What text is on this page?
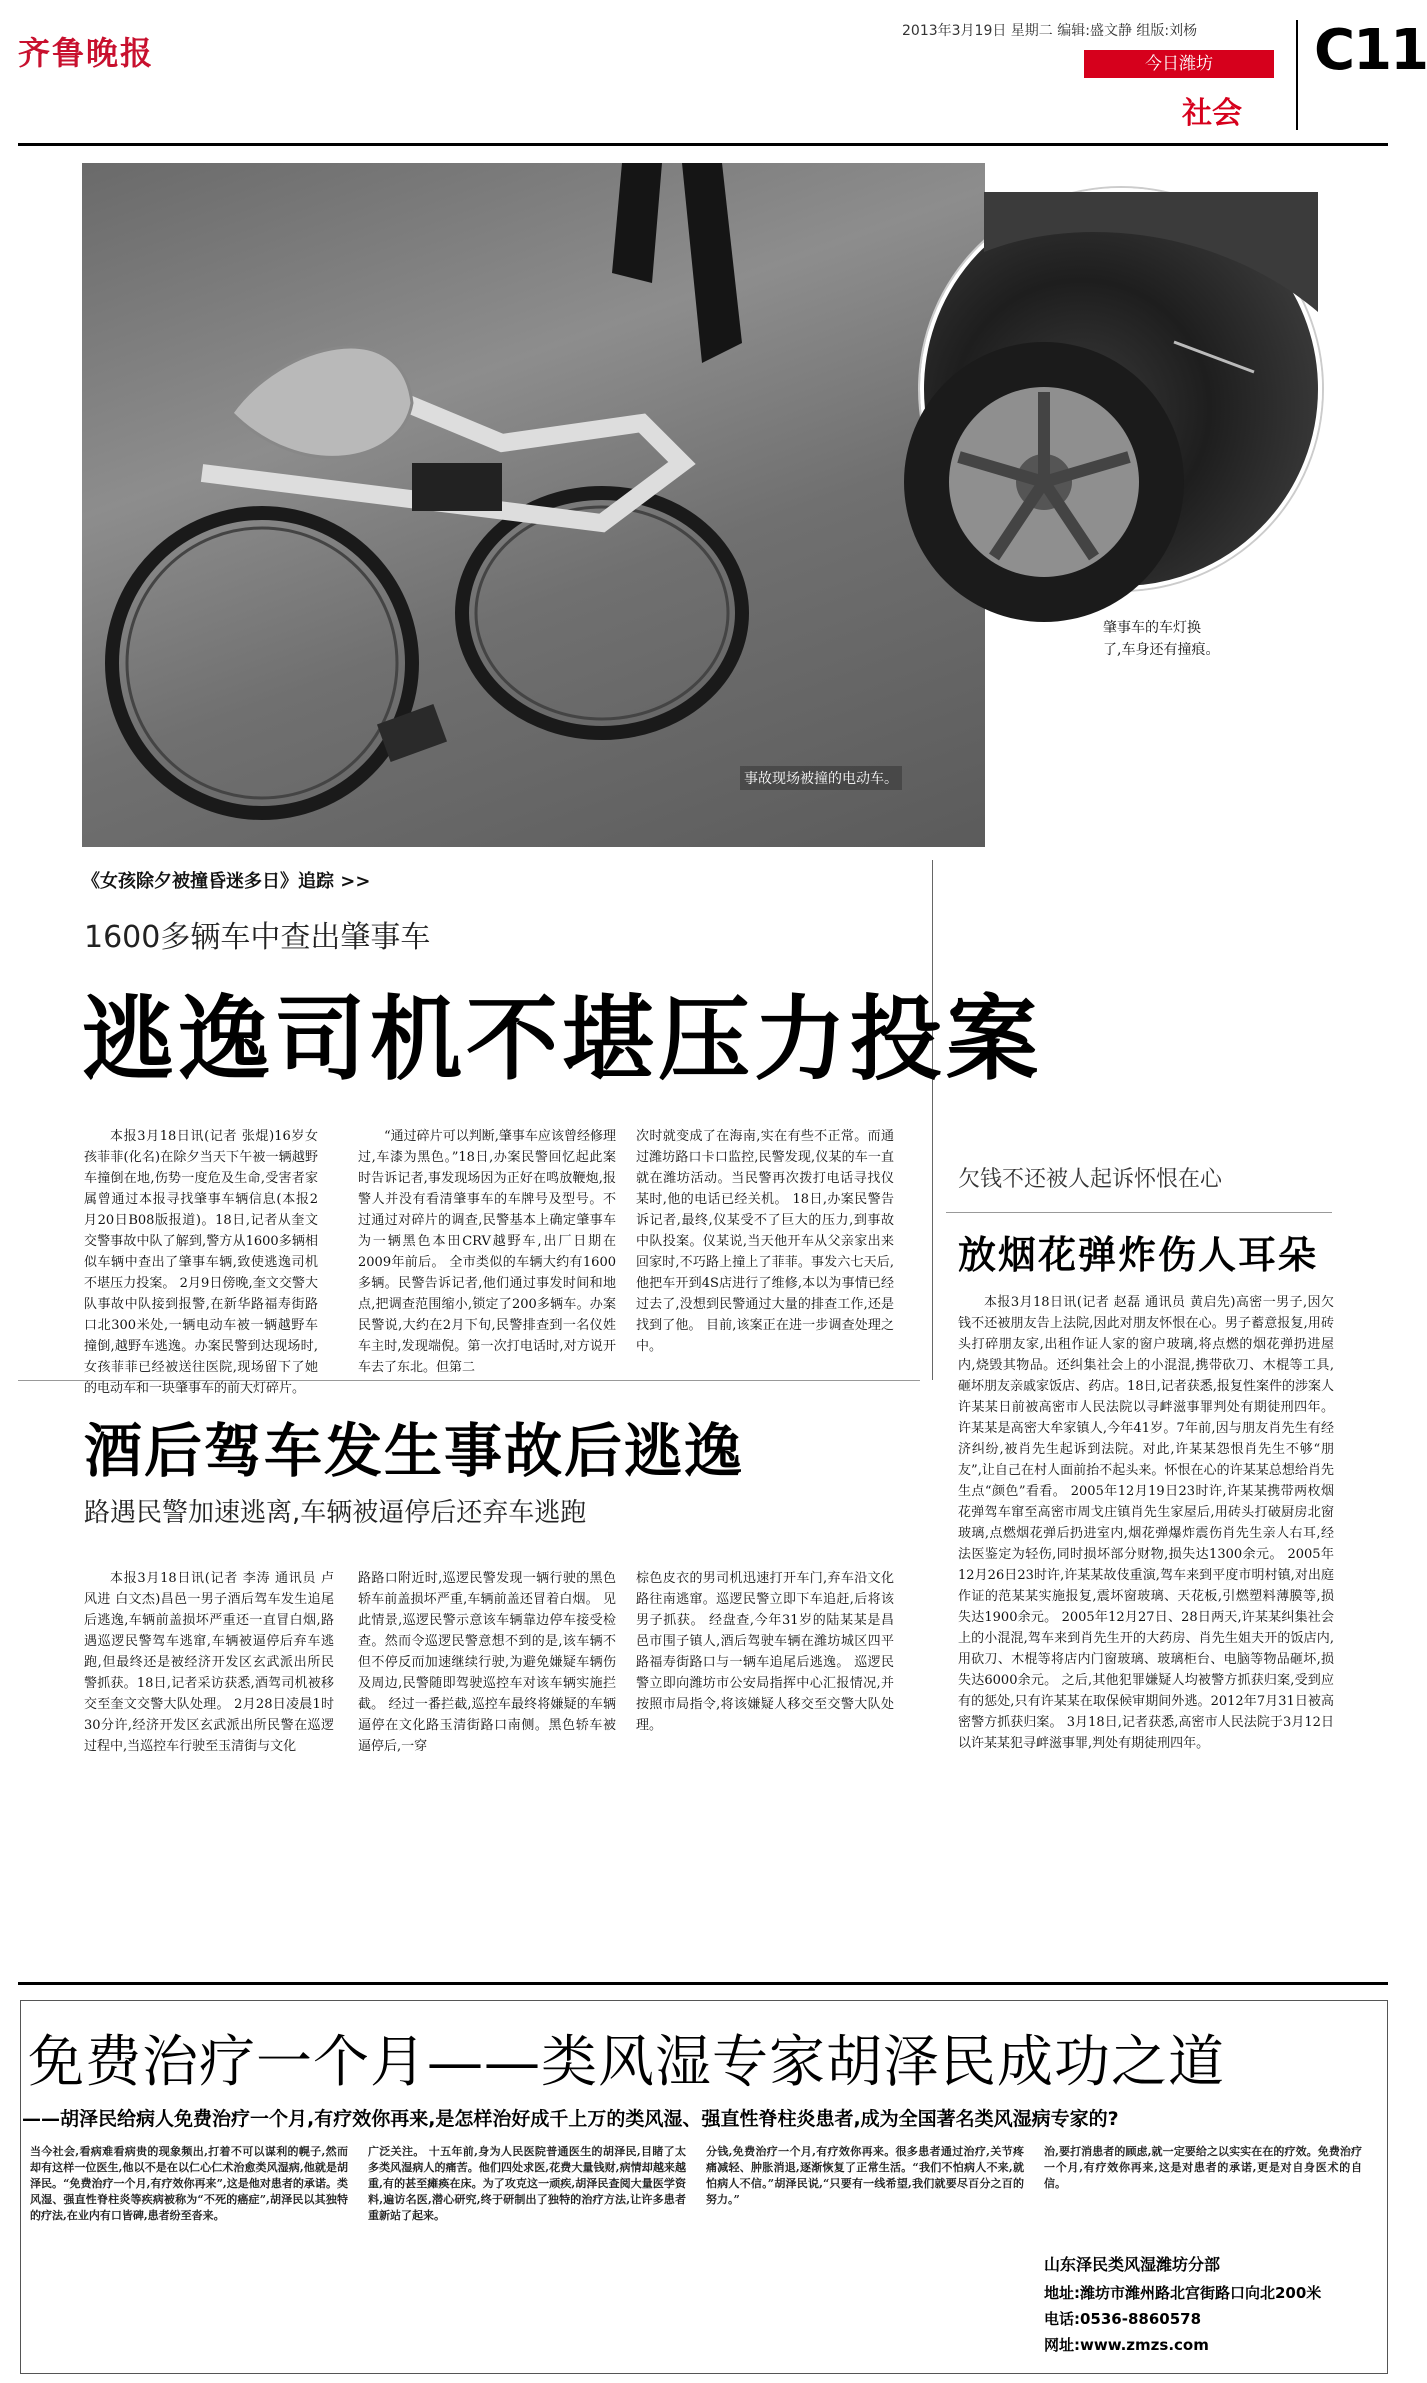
齐鲁晚报
2013年3月19日 星期二 编辑:盛文静 组版:刘杨 C11
今日潍坊
社会
事故现场被撞的电动车。
肇事车的车灯换
了,车身还有撞痕。
《女孩除夕被撞昏迷多日》追踪 >>
1600多辆车中查出肇事车
逃逸司机不堪压力投案

本报3月18日讯(记者 张焜)16岁女孩菲菲(化名)在除夕当天下午被一辆越野车撞倒在地,伤势一度危及生命,受害者家属曾通过本报寻找肇事车辆信息(本报2月20日B08版报道)。18日,记者从奎文交警事故中队了解到,警方从1600多辆相似车辆中查出了肇事车辆,致使逃逸司机不堪压力投案。 2月9日傍晚,奎文交警大队事故中队接到报警,在新华路福寿街路口北300米处,一辆电动车被一辆越野车撞倒,越野车逃逸。办案民警到达现场时,女孩菲菲已经被送往医院,现场留下了她的电动车和一块肇事车的前大灯碎片。

“通过碎片可以判断,肇事车应该曾经修理过,车漆为黑色。”18日,办案民警回忆起此案时告诉记者,事发现场因为正好在鸣放鞭炮,报警人并没有看清肇事车的车牌号及型号。不过通过对碎片的调查,民警基本上确定肇事车为一辆黑色本田CRV越野车,出厂日期在2009年前后。 全市类似的车辆大约有1600多辆。民警告诉记者,他们通过事发时间和地点,把调查范围缩小,锁定了200多辆车。办案民警说,大约在2月下旬,民警排查到一名仪姓车主时,发现端倪。第一次打电话时,对方说开车去了东北。但第二

次时就变成了在海南,实在有些不正常。而通过潍坊路口卡口监控,民警发现,仪某的车一直就在潍坊活动。当民警再次拨打电话寻找仪某时,他的电话已经关机。 18日,办案民警告诉记者,最终,仪某受不了巨大的压力,到事故中队投案。仪某说,当天他开车从父亲家出来回家时,不巧路上撞上了菲菲。事发六七天后,他把车开到4S店进行了维修,本以为事情已经过去了,没想到民警通过大量的排查工作,还是找到了他。 目前,该案正在进一步调查处理之中。

欠钱不还被人起诉怀恨在心
放烟花弹炸伤人耳朵

本报3月18日讯(记者 赵磊 通讯员 黄启先)高密一男子,因欠钱不还被朋友告上法院,因此对朋友怀恨在心。男子蓄意报复,用砖头打碎朋友家,出租作证人家的窗户玻璃,将点燃的烟花弹扔进屋内,烧毁其物品。还纠集社会上的小混混,携带砍刀、木棍等工具,砸坏朋友亲戚家饭店、药店。18日,记者获悉,报复性案件的涉案人许某某日前被高密市人民法院以寻衅滋事罪判处有期徒刑四年。 许某某是高密大牟家镇人,今年41岁。7年前,因与朋友肖先生有经济纠纷,被肖先生起诉到法院。对此,许某某怨恨肖先生不够“朋友”,让自己在村人面前抬不起头来。怀恨在心的许某某总想给肖先生点“颜色”看看。 2005年12月19日23时许,许某某携带两枚烟花弹驾车窜至高密市周戈庄镇肖先生家屋后,用砖头打破厨房北窗玻璃,点燃烟花弹后扔进室内,烟花弹爆炸震伤肖先生亲人右耳,经法医鉴定为轻伤,同时损坏部分财物,损失达1300余元。 2005年12月26日23时许,许某某故伎重演,驾车来到平度市明村镇,对出庭作证的范某某实施报复,震坏窗玻璃、天花板,引燃塑料薄膜等,损失达1900余元。 2005年12月27日、28日两天,许某某纠集社会上的小混混,驾车来到肖先生开的大药房、肖先生姐夫开的饭店内,用砍刀、木棍等将店内门窗玻璃、玻璃柜台、电脑等物品砸坏,损失达6000余元。 之后,其他犯罪嫌疑人均被警方抓获归案,受到应有的惩处,只有许某某在取保候审期间外逃。2012年7月31日被高密警方抓获归案。 3月18日,记者获悉,高密市人民法院于3月12日以许某某犯寻衅滋事罪,判处有期徒刑四年。

酒后驾车发生事故后逃逸
路遇民警加速逃离,车辆被逼停后还弃车逃跑

本报3月18日讯(记者 李涛 通讯员 卢风进 白文杰)昌邑一男子酒后驾车发生追尾后逃逸,车辆前盖损坏严重还一直冒白烟,路遇巡逻民警驾车逃窜,车辆被逼停后弃车逃跑,但最终还是被经济开发区玄武派出所民警抓获。18日,记者采访获悉,酒驾司机被移交至奎文交警大队处理。 2月28日凌晨1时30分许,经济开发区玄武派出所民警在巡逻过程中,当巡控车行驶至玉清街与文化

路路口附近时,巡逻民警发现一辆行驶的黑色轿车前盖损坏严重,车辆前盖还冒着白烟。 见此情景,巡逻民警示意该车辆靠边停车接受检查。然而令巡逻民警意想不到的是,该车辆不但不停反而加速继续行驶,为避免嫌疑车辆伤及周边,民警随即驾驶巡控车对该车辆实施拦截。 经过一番拦截,巡控车最终将嫌疑的车辆逼停在文化路玉清街路口南侧。黑色轿车被逼停后,一穿

棕色皮衣的男司机迅速打开车门,弃车沿文化路往南逃窜。巡逻民警立即下车追赶,后将该男子抓获。 经盘查,今年31岁的陆某某是昌邑市围子镇人,酒后驾驶车辆在潍坊城区四平路福寿街路口与一辆车追尾后逃逸。 巡逻民警立即向潍坊市公安局指挥中心汇报情况,并按照市局指令,将该嫌疑人移交至交警大队处理。

免费治疗一个月——类风湿专家胡泽民成功之道
——胡泽民给病人免费治疗一个月,有疗效你再来,是怎样治好成千上万的类风湿、强直性脊柱炎患者,成为全国著名类风湿病专家的?
当今社会,看病难看病贵的现象频出,打着不可以谋利的幌子,然而却有这样一位医生,他以不是在以仁心仁术治愈类风湿病,他就是胡泽民。“免费治疗一个月,有疗效你再来”,这是他对患者的承诺。类风湿、强直性脊柱炎等疾病被称为“不死的癌症”,胡泽民以其独特的疗法,在业内有口皆碑,患者纷至沓来。
广泛关注。 十五年前,身为人民医院普通医生的胡泽民,目睹了太多类风湿病人的痛苦。他们四处求医,花费大量钱财,病情却越来越重,有的甚至瘫痪在床。为了攻克这一顽疾,胡泽民查阅大量医学资料,遍访名医,潜心研究,终于研制出了独特的治疗方法,让许多患者重新站了起来。
分钱,免费治疗一个月,有疗效你再来。很多患者通过治疗,关节疼痛减轻、肿胀消退,逐渐恢复了正常生活。“我们不怕病人不来,就怕病人不信。”胡泽民说,“只要有一线希望,我们就要尽百分之百的努力。”
治,要打消患者的顾虑,就一定要给之以实实在在的疗效。免费治疗一个月,有疗效你再来,这是对患者的承诺,更是对自身医术的自信。
山东泽民类风湿潍坊分部
地址:潍坊市潍州路北宫街路口向北200米
电话:0536-8860578
网址:www.zmzs.com
